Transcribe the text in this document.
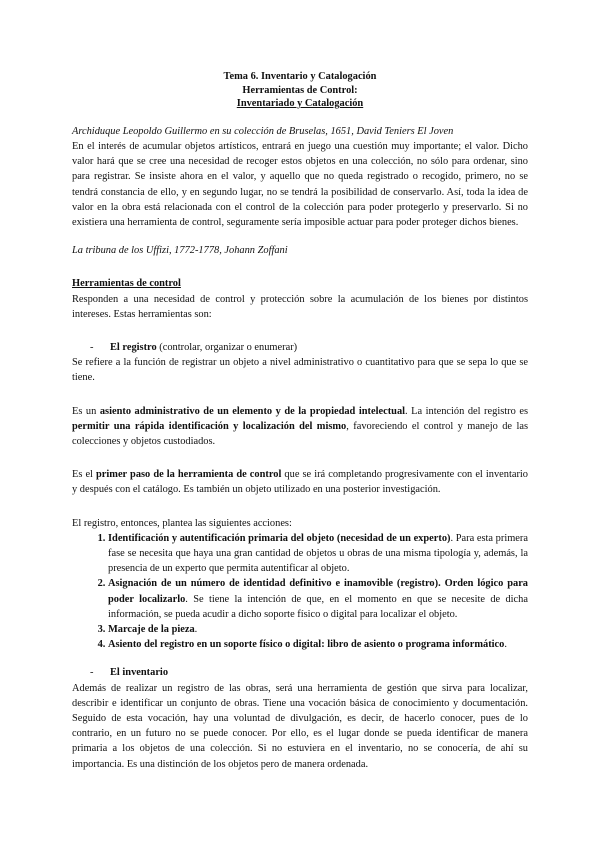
Tema 6. Inventario y Catalogación
Herramientas de Control:
Inventariado y Catalogación

Archiduque Leopoldo Guillermo en su colección de Bruselas, 1651, David Teniers El Joven

En el interés de acumular objetos artísticos, entrará en juego una cuestión muy importante; el valor. Dicho valor hará que se cree una necesidad de recoger estos objetos en una colección, no sólo para ordenar, sino para registrar. Se insiste ahora en el valor, y aquello que no queda registrado o recogido, primero, no se tendrá constancia de ello, y en segundo lugar, no se tendrá la posibilidad de conservarlo. Así, toda la idea de valor en la obra está relacionada con el control de la colección para poder protegerlo y preservarlo. Si no existiera una herramienta de control, seguramente sería imposible actuar para poder proteger dichos bienes.

La tribuna de los Uffizi, 1772-1778, Johann Zoffani

Herramientas de control

Responden a una necesidad de control y protección sobre la acumulación de los bienes por distintos intereses. Estas herramientas son:

-	El registro (controlar, organizar o enumerar)

Se refiere a la función de registrar un objeto a nivel administrativo o cuantitativo para que se sepa lo que se tiene.

Es un asiento administrativo de un elemento y de la propiedad intelectual. La intención del registro es permitir una rápida identificación y localización del mismo, favoreciendo el control y manejo de las colecciones y objetos custodiados.

Es el primer paso de la herramienta de control que se irá completando progresivamente con el inventario y después con el catálogo. Es también un objeto utilizado en una posterior investigación.

El registro, entonces, plantea las siguientes acciones:

1. Identificación y autentificación primaria del objeto (necesidad de un experto). Para esta primera fase se necesita que haya una gran cantidad de objetos u obras de una misma tipología y, además, la presencia de un experto que permita autentificar al objeto.
2. Asignación de un número de identidad definitivo e inamovible (registro). Orden lógico para poder localizarlo. Se tiene la intención de que, en el momento en que se necesite de dicha información, se pueda acudir a dicho soporte físico o digital para localizar el objeto.
3. Marcaje de la pieza.
4. Asiento del registro en un soporte físico o digital: libro de asiento o programa informático.
-	El inventario

Además de realizar un registro de las obras, será una herramienta de gestión que sirva para localizar, describir e identificar un conjunto de obras. Tiene una vocación básica de conocimiento y documentación. Seguido de esta vocación, hay una voluntad de divulgación, es decir, de hacerlo conocer, pues de lo contrario, en un futuro no se puede conocer. Por ello, es el lugar donde se pueda identificar de manera primaria a los objetos de una colección. Si no estuviera en el inventario, no se conocería, de ahí su importancia. Es una distinción de los objetos pero de manera ordenada.
